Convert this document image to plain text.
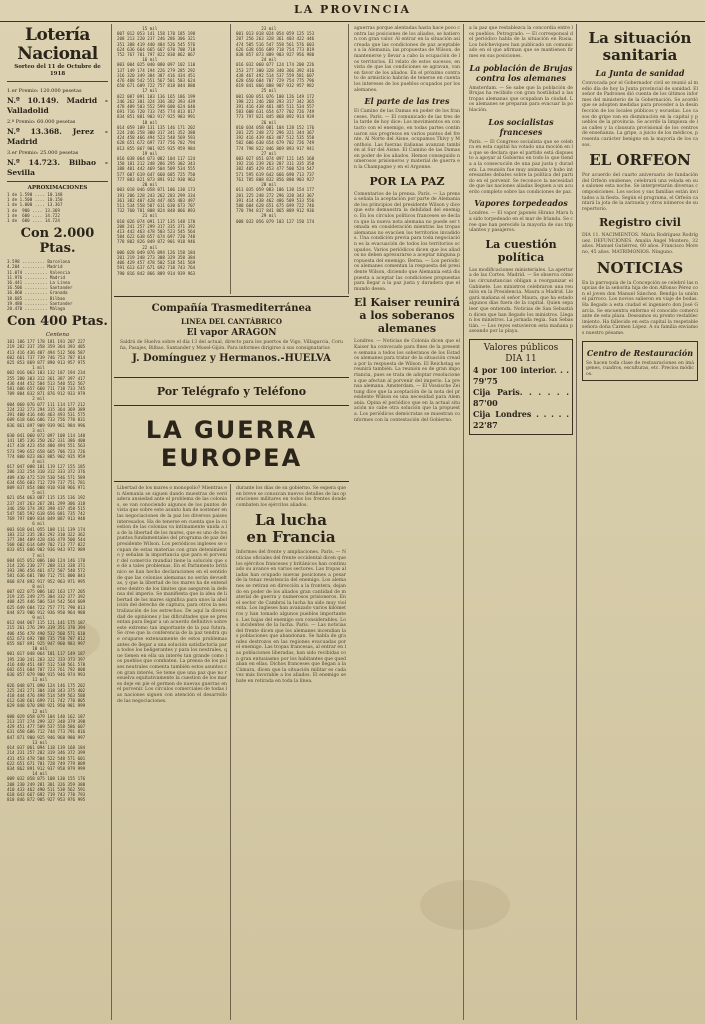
LA PROVINCIA
Lotería Nacional
Sorteo del 11 de Octubre de 1918
1.er Premio: 120.000 pesetas
N.º 10.149. Madrid - Valladolid
2.º Premio: 60.000 pesetas
N.º 13.368. Jerez - Madrid
3.er Premio: 25.000 pesetas
N.º 14.723. Bilbao - Sevilla
APROXIMACIONES
1 de 1.590 .... 10.148
1 de 1.500 .... 10.150
1 de 1.000 .... 13.367
1 de  900 .... 13.369
1 de  600 .... 14.722
1 de  600 .... 14.724
Con 2.000 Ptas.
3.598 ......... Barcelona
4.204 ......... Madrid
11.074 ......... Valencia
11.976 ......... Madrid
16.441 ......... La Línea
16.506 ......... Santander
16.860 ......... Granada
18.685 ......... Bilbao
19.480 ......... Santander
20.470 ......... Málaga
Con 400 Ptas.
Centena
101 106 177 178 181 193 207 227
219 282 337 358 359 364 393 405
413 416 436 487 494 512 566 587
602 661 737 739 746 753 787 814
825 853 869 877 890 913 957 975
1 mil
002 016 063 103 132 187 194 234
255 280 303 312 361 387 397 417
436 444 452 504 513 540 552 567
581 606 657 660 711 718 733 745
789 804 832 871 876 912 933 979
2 mil
004 060 076 077 111 114 177 212
224 232 273 294 315 364 369 389
391 400 416 446 463 493 531 575
609 618 666 686 733 756 770 831
836 861 897 909 939 961 984 996
3 mil
030 041 060 072 097 108 114 140
141 185 236 250 262 331 386 400
417 418 423 454 480 494 551 563
573 590 652 658 665 706 723 726
774 800 823 863 885 902 935 959
4 mil
017 047 088 101 119 127 155 185
206 232 254 310 312 333 372 376
409 430 472 519 530 546 571 589
634 656 683 712 729 737 751 781
809 837 854 888 910 938 966 971
5 mil
021 054 063 087 115 135 136 192
237 247 263 267 281 299 306 318
346 350 374 392 398 437 458 515
547 565 592 618 656 681 735 742
769 797 809 834 849 887 913 948
6 mil
003 018 041 055 108 111 139 174
183 212 235 283 292 310 322 362
377 384 409 428 436 479 500 544
568 602 614 649 702 713 777 822
833 851 886 902 936 943 972 989
7 mil
004 015 052 086 100 124 146 170
214 226 230 277 288 313 338 371
393 396 456 461 472 507 540 572
581 636 681 700 712 751 800 843
860 874 892 917 952 963 971 995
8 mil
007 022 075 086 102 163 177 205
219 235 249 275 304 332 377 392
408 425 446 506 534 542 564 609
625 649 684 722 757 771 790 813
844 873 906 912 936 950 964 988
9 mil
012 044 067 115 121 141 175 187
215 261 276 299 319 351 370 394
406 456 478 490 532 560 571 610
652 673 692 708 735 758 787 812
855 867 891 925 947 960 983 997
10 mil
001 017 048 064 101 117 149 187
195 230 241 283 322 333 373 397
416 440 451 487 512 538 561 578
602 651 684 707 723 761 792 808
836 857 879 900 915 946 974 993
11 mil
026 048 071 090 124 146 175 202
225 243 271 304 318 343 375 402
418 444 476 498 514 549 563 588
612 638 661 699 711 742 770 805
829 848 870 898 921 950 981 999
12 mil
008 029 058 079 104 140 162 187
213 237 274 299 327 348 379 398
429 451 477 509 537 558 586 607
631 658 686 712 744 773 791 816
847 871 900 925 946 968 980 997
13 mil
014 037 061 094 118 139 168 184
214 231 257 282 319 346 372 399
431 453 478 504 522 548 571 601
622 651 671 701 728 749 779 809
834 862 891 912 937 958 979 999
14 mil
009 032 058 075 108 130 155 176
208 230 249 281 301 326 359 388
410 433 462 490 511 538 562 591
618 643 667 692 719 743 770 793
818 846 872 905 927 953 976 995
15 mil
007 012 053 141 158 170 185 198
208 213 220 237 246 286 306 321
351 388 419 440 484 526 545 576
624 636 664 665 667 670 700 718
752 767 781 797 822 830 862 867
16 mil
003 004 025 040 080 097 102 110
137 149 174 194 226 279 285 292
316 320 349 384 387 416 434 451
476 488 542 551 567 581 583 624
650 671 689 722 757 818 844 880
17 mil
022 087 091 103 136 165 186 199
246 262 301 324 336 382 393 439
478 489 503 552 599 600 624 640
691 716 720 733 745 774 813 817
834 851 881 903 917 925 983 991
18 mil
014 059 109 131 135 146 171 202
224 246 258 300 317 341 352 388
424 458 466 494 523 548 569 593
628 651 672 697 737 756 782 794
813 855 867 901 925 935 959 984
19 mil
016 038 064 073 082 104 117 124
158 181 212 248 286 295 302 343
388 401 442 469 504 509 534 555
577 607 619 647 660 685 725 750
777 803 821 873 891 912 930 963
20 mil
003 018 046 058 071 106 130 173
191 206 228 243 262 283 299 334
361 382 407 428 447 465 483 497
511 534 558 587 611 630 673 707
732 760 781 808 824 848 866 893
21 mil
010 026 074 091 117 135 148 170
208 241 257 299 317 335 371 392
413 442 463 478 503 523 545 564
584 622 638 657 674 697 720 748
778 802 826 849 872 901 918 946
22 mil
006 028 049 076 094 126 158 184
201 219 248 273 308 329 358 384
406 429 457 478 502 518 541 569
591 613 637 671 692 718 743 764
790 816 842 866 889 914 939 963
23 mil
001 013 018 024 054 059 125 153
207 256 263 328 361 403 422 446
474 505 516 547 558 561 576 603
626 638 656 689 718 754 773 819
838 857 873 889 903 927 956 980
24 mil
016 032 060 077 124 174 200 226
253 277 300 328 340 366 392 416
438 467 492 514 537 559 581 607
628 650 684 707 729 754 775 796
819 841 866 888 907 932 957 982
25 mil
001 030 051 076 100 126 149 172
198 221 246 268 293 317 342 365
391 416 438 461 485 511 534 557
583 608 631 654 677 702 726 749
773 797 821 845 868 892 914 939
26 mil
010 034 058 081 104 128 152 176
201 225 248 272 296 321 344 367
392 416 439 463 487 512 535 558
582 606 630 654 679 702 726 749
774 798 822 846 869 893 917 941
27 mil
003 027 051 074 097 121 145 168
192 216 239 263 287 311 335 358
382 405 429 453 477 500 524 547
571 595 619 642 666 690 713 737
761 785 808 832 856 880 903 927
28 mil
011 035 059 083 106 130 154 177
201 225 248 272 296 320 343 367
391 414 438 462 486 509 533 556
580 604 628 651 675 699 722 746
770 794 817 841 865 889 912 936
29 mil
008 032 056 079 103 127 150 174
Compañía Trasmediterránea
LINEA DEL CANTÁBRICO
El vapor ARAGON
Saldrá de Huelva sobre el día 13 del actual, directo para los puertos de Vigo, Villagarcía, Coruña, Pasajes, Bilbao, Santander y Musel-Gijón. Para informes dirigirse á sus consignatarios
J. Domínguez y Hermanos.-HUELVA
Por Telégrafo y Teléfono
LA GUERRA
EUROPEA
Libertad de los mares o monopolio? Mientras en Alemania se siguen dando muestras de verdadera ansiedad ante el problema de las colonias, se van conociendo algunos de los puntos de vista que sobre este asunto han de sostener en las negociaciones de la paz los diversos paises interesados. Ha de tenerse en cuenta que la cuestion de las colonias va íntimamente unida a la de la libertad de los mares, que es uno de los puntos fundamentales del programa de paz del presidente Wilson. Los periódicos ingleses se ocupan de estas materias con gran detenimiento y señalan la importancia que para el porvenir del comercio mundial tiene la solución que se dé a tales problemas. En el Parlamento británico se han hecho declaraciones en el sentido de que las colonias alemanas no serán devueltas, y que la libertad de los mares ha de entenderse dentro de los límites que aseguren la defensa del imperio. Se manifiesta que la idea de libertad de los mares significa para unos la abolición del derecho de captura, para otros la neutralización de los estrechos. De aquí la diversidad de opiniones y las dificultades que se presentan para llegar a un acuerdo definitivo sobre este extremo tan importante de la paz futura. Se cree que la conferencia de la paz tendrá que ocuparse extensamente de estos problemas antes de llegar a una solución satisfactoria para todos los beligerantes y para los neutrales, que tienen en ella un interés tan grande como los pueblos que combaten. La prensa de los países neutrales comenta también estos asuntos con gran interés. Se teme que una paz que no resuelva equitativamente la cuestion de los mares deje en pie el germen de nuevas guerras en el porvenir. Los círculos comerciales de todas las naciones siguen con atención el desarrollo de las negociaciones.
durante los días de su gobierno. Se espera que en breve se conozcan nuevos detalles de las operaciones militares en todos los frentes donde combaten los ejércitos aliados.
La lucha
en Francia
Informes del frente y ampliaciones. París. — Noticias oficiales del frente occidental dicen que los ejércitos franceses y británicos han continuado su avance en varios sectores. Las tropas aliadas han ocupado nuevas posiciones a pesar de la tenaz resistencia del enemigo. Los alemanes se retiran en dirección a la frontera, dejando en poder de los aliados gran cantidad de material de guerra y numerosos prisioneros. En el sector de Cambrai la lucha ha sido muy violenta. Los ingleses han avanzado varios kilómetros y han tomado algunos pueblos importantes. Las bajas del enemigo son considerables. Los incidentes de la lucha. París. — Las noticias del frente dicen que los alemanes incendian las poblaciones que abandonan. Se habla de grandes destrozos en las regiones evacuadas por el enemigo. Las tropas francesas, al entrar en las poblaciones liberadas, han sido recibidas con gran entusiasmo por los habitantes que quedaban en ellas. Dichos franceses que llegan a la Cámara, dicen que la situación militar es cada vez más favorable a los aliados. El enemigo se bate en retirada en toda la línea.
aguerras porque alentadas hasta hace poco contra las posiciones de los aliados, se batieron con gran valor. Al entrar en la situación así creada que las condiciones de paz aceptables a la Alemania, las propuestas de Wilson, de mantenerse y llevar a cabo la ocupación de los territorios. El relato de estos sucesos, en vista de que las condiciones se agravan, van en favor de los aliados. En el próximo contrato de armisticio habrán de tenerse en cuenta los intereses de los pueblos ocupados por los alemanes.
El parte de las tres
El Camino de las Damas en poder de los franceses. París. — El comunicado de las tres de la tarde de hoy dice: Los movimientos en contacto con el enemigo, en todas partes continuaron sus progresos en varios puntos del frente. Al Norte del Aisne, ocupamos Thivy y Monthois. Las fuerzas italianas avanzan también al Sur del Aisne. El Camino de las Damas en poder de los aliados. Hemos conseguido numerosos prisioneros y material de guerra en la Champagne y en el Argonne.
POR LA PAZ
Comentarios de la prensa. París. — La prensa señala la aceptación por parte de Alemania de los principios del presidente Wilson y dice que esto demuestra la debilidad del enemigo. En los círculos políticos franceses se declara que la nueva nota alemana no puede ser tomada en consideración mientras las tropas alemanas no evacúen los territorios invadidos. Una condición previa para toda negociación es la evacuación de todos los territorios ocupados. Varios periódicos dicen que los aliados no deben apresurarse a aceptar ninguna propuesta del enemigo. Berna. — Los periódicos alemanes comentan la respuesta del presidente Wilson, diciendo que Alemania está dispuesta a aceptar las condiciones propuestas para llegar a la paz justa y duradera que el mundo desea.
El Kaiser reunirá a los soberanos alemanes
Londres. — Noticias de Colonia dicen que el Kaiser ha convocado para fines de la presente semana a todos los soberanos de los Estados alemanes para tratar de la situación creada por la respuesta de Wilson. El Reichstag se reunirá también. La reunión es de gran importancia, pues se trata de adoptar resoluciones que afectan al porvenir del imperio. La prensa alemana. Amsterdam. — El Vossische Zeitung dice que la aceptación de la nota del presidente Wilson es una necesidad para Alemania. Opina el periódico que en la actual situación no cabe otra solución que la propuesta. Los periódicos demócratas se muestran conformes con la contestación del Gobierno.
a la paz que restablezca la concordia entre los pueblos. Petrogrado. — El corresponsal del periódico habla de la situación en Rusia. Los bolcheviques han publicado un comunicado en el que afirman que se mantienen firmes en sus posiciones.
La población de Brujas contra los alemanes
Amsterdam. — Se sabe que la población de Brujas ha recibido con gran hostilidad a las tropas alemanas que ocupaban la ciudad. Los alemanes se preparan para evacuar la población.
Los socialistas franceses
París. — El Congreso socialista que se celebra en esta capital ha votado una moción en la que se declara que el partido está dispuesto a apoyar al Gobierno en todo lo que tienda a la consecución de una paz justa y duradera. La reunión fue muy animada y hubo interesantes debates sobre la política del partido en el porvenir. Se reconoce la necesidad de que las naciones aliadas lleguen a un acuerdo completo sobre las condiciones de paz.
Vapores torpedeados
Londres. — El vapor japonés Hirano Maru ha sido torpedeado en el mar de Irlanda. Se cree que han perecido la mayoría de sus tripulantes y pasajeros.
La cuestión política
Las modificaciones ministeriales. La apertura de las Cortes. Madrid. — Se observa cómo las circunstancias obligan a reorganizar el Gabinete. Los ministros celebraron una reunión en la Presidencia. Maura a Madrid. Llegará mañana el señor Maura, que ha estado algunos días fuera de la capital. Quien sepa leer que entienda. Noticias de San Sebastián dicen que han llegado los ministros. Llegan los ministros. La jornada regia. San Sebastián. — Los reyes estuvieron esta mañana paseando por la playa.
Valores públicos
DIA 11
4 por 100 interior. . . 79'75
Cija Paris. . . . . . 87'00
Cija Londres . . . . . 22'87
La situación sanitaria
La Junta de sanidad
Convocada por el Gobernador civil se reunió al medio día de hoy la Junta provincial de sanidad. El señor de Padrones dió cuenta de los últimos informes del ministerio de la Gobernación. Se acordó que se adopten medidas para proceder a la desinfección de los locales públicos y escuelas. Los casos de gripe van en disminución en la capital y pueblos de la provincia. Se acordó la limpieza de las calles y la clausura provisional de los centros de enseñanza. La gripe, a juicio de los médicos, presenta carácter benigno en la mayoría de los casos.
EL ORFEON
Por acuerdo del cuarto aniversario de fundación del Orfeón onubense, celebrará una velada en sus salones esta noche. Se interpretarán diversas composiciones. Los socios y sus familias están invitados a la fiesta. Según el programa, el Orfeón cantará la jota de la zarzuela y otros números de su repertorio.
Registro civil
DIA 11. NACIMIENTOS. María Rodríguez Rodríguez. DEFUNCIONES. Amalia Ángel Montero, 32 años. Manuel Gutiérrez, 60 años. Francisco Moreno, 45 años. MATRIMONIOS. Ninguno.
NOTICIAS
En la parroquia de la Concepción se celebró las nupcias de la señorita hija de don Alfonso Pérez con el joven don Manuel Sánchez. Bendijo la unión el párroco. Los novios salieron en viaje de bodas. Ha llegado a esta ciudad el ingeniero don José García. Se encuentra enfermo el conocido comerciante de esta plaza. Deseamos su pronto restablecimiento. Ha fallecido en esta capital la respetable señora doña Carmen López. A su familia enviamos nuestro pésame.
Centro de Restauración
Se hacen toda clase de restauraciones en imágenes, cuadros, esculturas, etc. Precios módicos.
